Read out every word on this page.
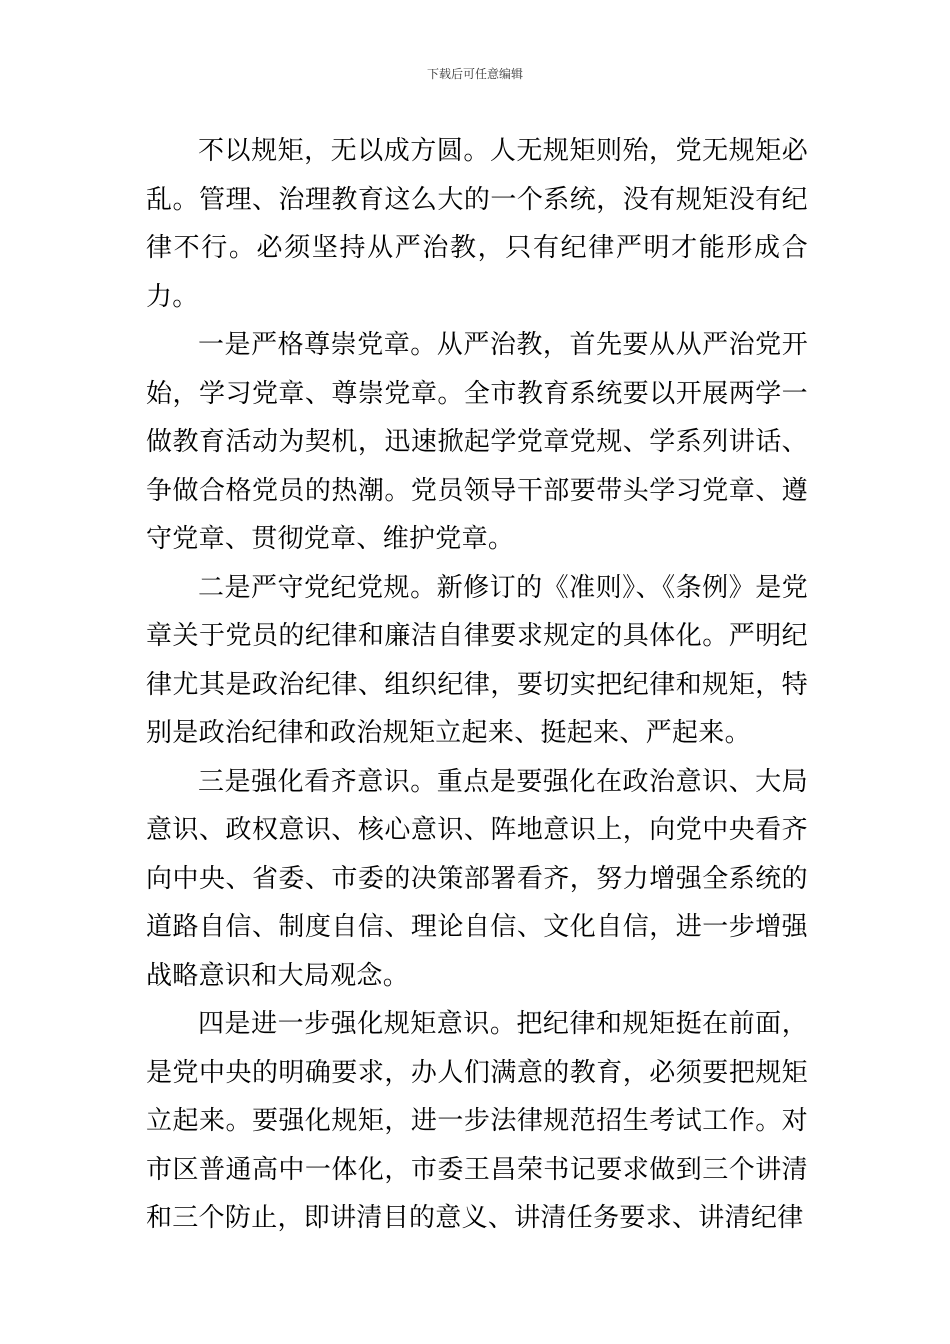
下载后可任意编辑

不以规矩，无以成方圆。人无规矩则殆，党无规矩必乱。管理、治理教育这么大的一个系统，没有规矩没有纪律不行。必须坚持从严治教，只有纪律严明才能形成合力。

一是严格尊崇党章。从严治教，首先要从从严治党开始，学习党章、尊崇党章。全市教育系统要以开展两学一做教育活动为契机，迅速掀起学党章党规、学系列讲话、争做合格党员的热潮。党员领导干部要带头学习党章、遵守党章、贯彻党章、维护党章。

二是严守党纪党规。新修订的《准则》、《条例》是党章关于党员的纪律和廉洁自律要求规定的具体化。严明纪律尤其是政治纪律、组织纪律，要切实把纪律和规矩，特别是政治纪律和政治规矩立起来、挺起来、严起来。

三是强化看齐意识。重点是要强化在政治意识、大局意识、政权意识、核心意识、阵地意识上，向党中央看齐向中央、省委、市委的决策部署看齐，努力增强全系统的道路自信、制度自信、理论自信、文化自信，进一步增强战略意识和大局观念。

四是进一步强化规矩意识。把纪律和规矩挺在前面，是党中央的明确要求，办人们满意的教育，必须要把规矩立起来。要强化规矩，进一步法律规范招生考试工作。对市区普通高中一体化，市委王昌荣书记要求做到三个讲清和三个防止，即讲清目的意义、讲清任务要求、讲清纪律
